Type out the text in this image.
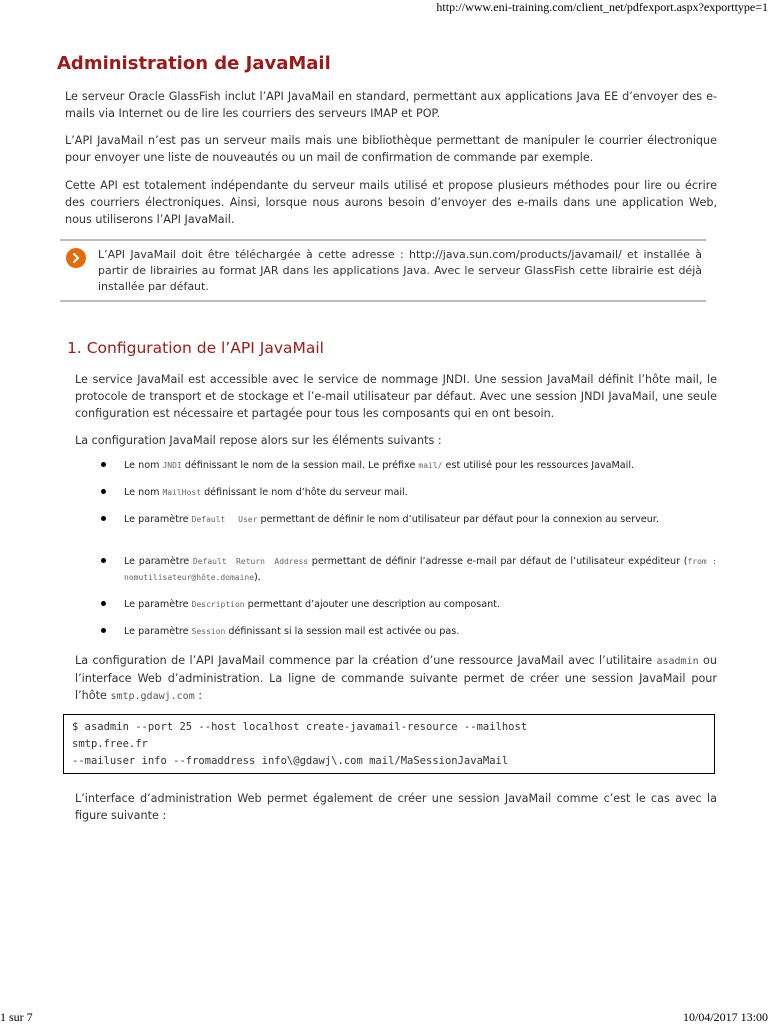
http://www.eni-training.com/client_net/pdfexport.aspx?exporttype=1
Administration de JavaMail

Le serveur Oracle GlassFish inclut l’API JavaMail en standard, permettant aux applications Java EE d’envoyer des e-mails via Internet ou de lire les courriers des serveurs IMAP et POP.

L’API JavaMail n’est pas un serveur mails mais une bibliothèque permettant de manipuler le courrier électronique pour envoyer une liste de nouveautés ou un mail de confirmation de commande par exemple.

Cette API est totalement indépendante du serveur mails utilisé et propose plusieurs méthodes pour lire ou écrire des courriers électroniques. Ainsi, lorsque nous aurons besoin d’envoyer des e-mails dans une application Web, nous utiliserons l’API JavaMail.

L’API JavaMail doit être téléchargée à cette adresse : http://java.sun.com/products/javamail/ et installée à partir de librairies au format JAR dans les applications Java. Avec le serveur GlassFish cette librairie est déjà installée par défaut.

1. Configuration de l’API JavaMail

Le service JavaMail est accessible avec le service de nommage JNDI. Une session JavaMail définit l’hôte mail, le protocole de transport et de stockage et l’e-mail utilisateur par défaut. Avec une session JNDI JavaMail, une seule configuration est nécessaire et partagée pour tous les composants qui en ont besoin.

La configuration JavaMail repose alors sur les éléments suivants :

Le nom JNDI définissant le nom de la session mail. Le préfixe mail/ est utilisé pour les ressources JavaMail.
Le nom MailHost définissant le nom d’hôte du serveur mail.
Le paramètre Default User permettant de définir le nom d’utilisateur par défaut pour la connexion au serveur.
Le paramètre Default Return Address permettant de définir l’adresse e-mail par défaut de l’utilisateur expéditeur (from : nomutilisateur@hôte.domaine).
Le paramètre Description permettant d’ajouter une description au composant.
Le paramètre Session définissant si la session mail est activée ou pas.

La configuration de l’API JavaMail commence par la création d’une ressource JavaMail avec l’utilitaire asadmin ou l’interface Web d’administration. La ligne de commande suivante permet de créer une session JavaMail pour l’hôte smtp.gdawj.com :

$ asadmin --port 25 --host localhost create-javamail-resource --mailhost
smtp.free.fr
--mailuser info --fromaddress info\@gdawj\.com mail/MaSessionJavaMail

L’interface d’administration Web permet également de créer une session JavaMail comme c’est le cas avec la figure suivante :

1 sur 7	10/04/2017 13:00
